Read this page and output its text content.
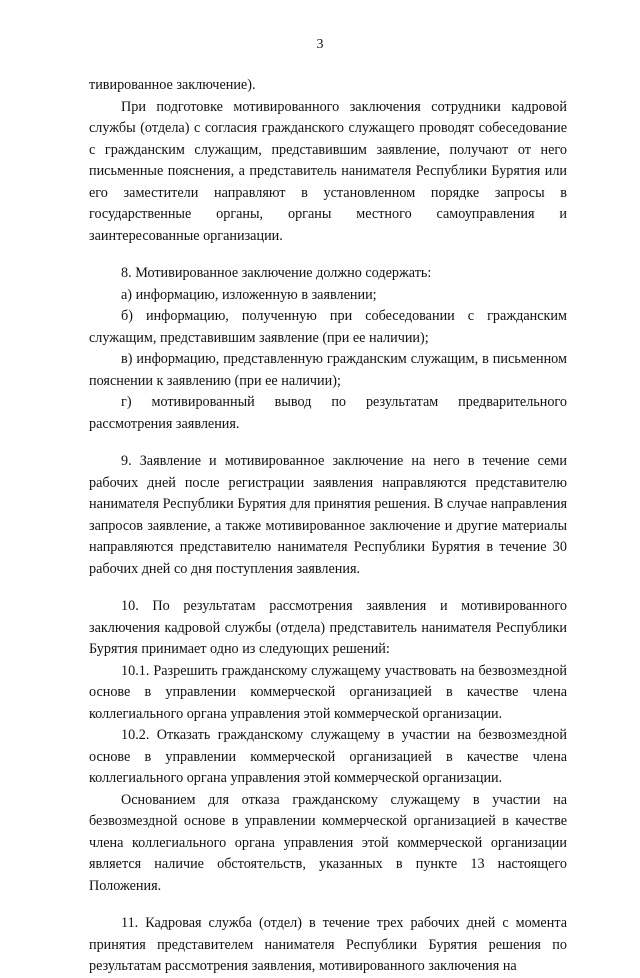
3

тивированное заключение).

При подготовке мотивированного заключения сотрудники кадровой службы (отдела) с согласия гражданского служащего проводят собеседование с гражданским служащим, представившим заявление, получают от него письменные пояснения, а представитель нанимателя Республики Бурятия или его заместители направляют в установленном порядке запросы в государственные органы, органы местного самоуправления и заинтересованные организации.

8. Мотивированное заключение должно содержать:

а) информацию, изложенную в заявлении;

б) информацию, полученную при собеседовании с гражданским служащим, представившим заявление (при ее наличии);

в) информацию, представленную гражданским служащим, в письменном пояснении к заявлению (при ее наличии);

г) мотивированный вывод по результатам предварительного рассмотрения заявления.

9. Заявление и мотивированное заключение на него в течение семи рабочих дней после регистрации заявления направляются представителю нанимателя Республики Бурятия для принятия решения. В случае направления запросов заявление, а также мотивированное заключение и другие материалы направляются представителю нанимателя Республики Бурятия в течение 30 рабочих дней со дня поступления заявления.

10. По результатам рассмотрения заявления и мотивированного заключения кадровой службы (отдела) представитель нанимателя Республики Бурятия принимает одно из следующих решений:

10.1. Разрешить гражданскому служащему участвовать на безвозмездной основе в управлении коммерческой организацией в качестве члена коллегиального органа управления этой коммерческой организации.

10.2. Отказать гражданскому служащему в участии на безвозмездной основе в управлении коммерческой организацией в качестве члена коллегиального органа управления этой коммерческой организации.

Основанием для отказа гражданскому служащему в участии на безвозмездной основе в управлении коммерческой организацией в качестве члена коллегиального органа управления этой коммерческой организации является наличие обстоятельств, указанных в пункте 13 настоящего Положения.

11. Кадровая служба (отдел) в течение трех рабочих дней с момента принятия представителем нанимателя Республики Бурятия решения по результатам рассмотрения заявления, мотивированного заключения на
